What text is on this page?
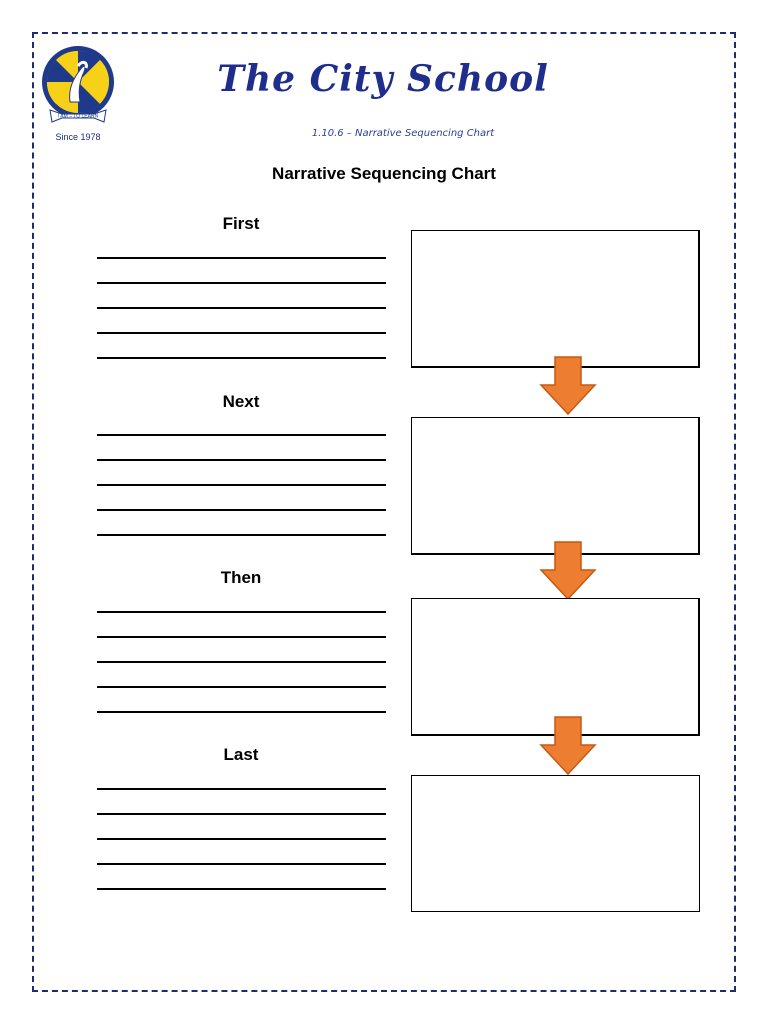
I AM – TO LEARN
Since 1978
The City School
1.10.6 – Narrative Sequencing Chart
Narrative Sequencing Chart
First
Next
Then
Last
